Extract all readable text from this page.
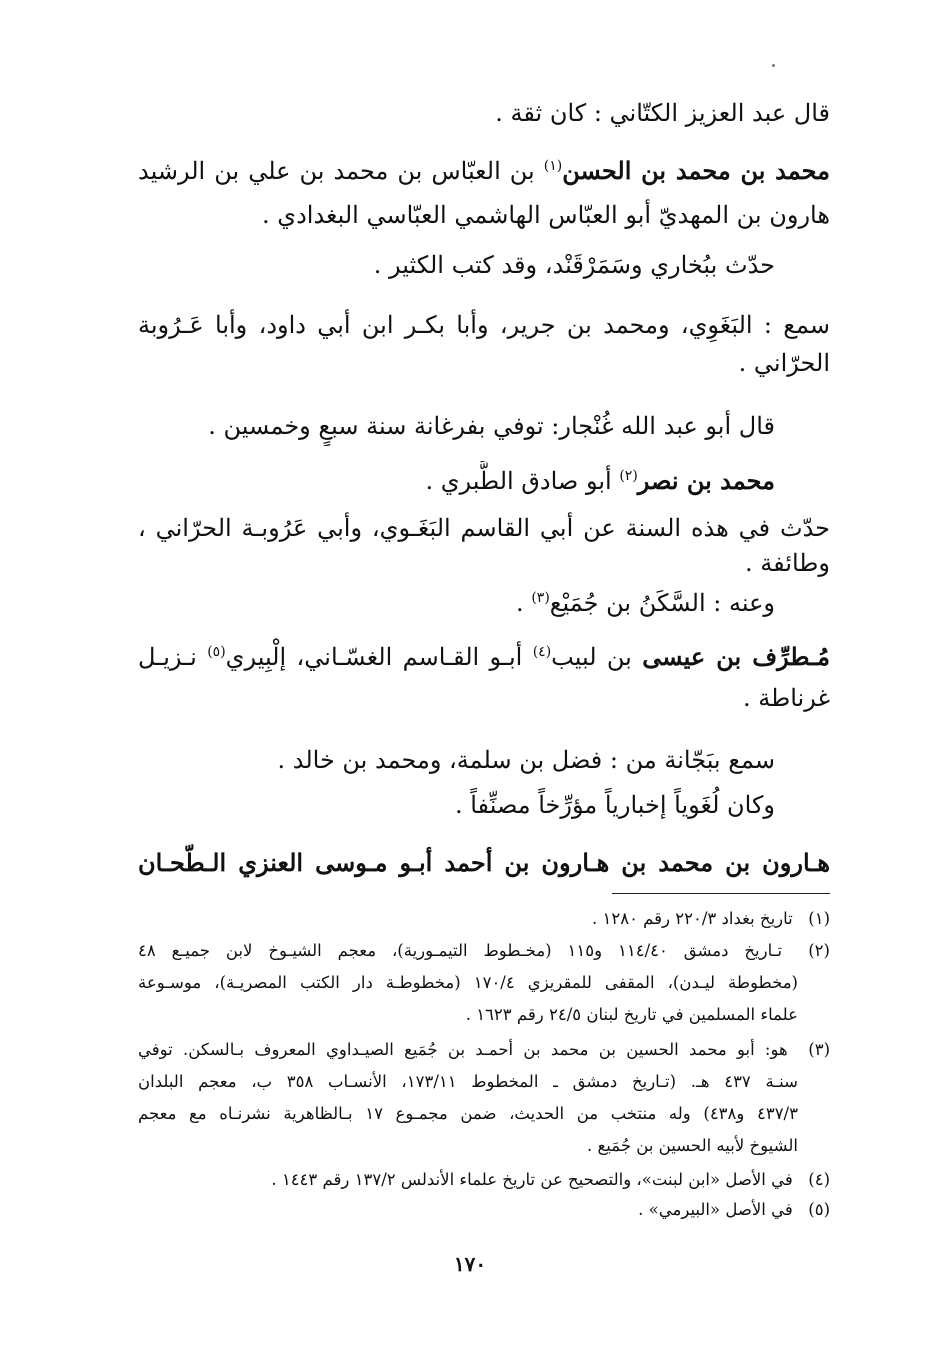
قال عبد العزيز الكتّاني : كان ثقة .
محمد بن محمد بن الحسن$^{(١)}$ بن العبّاس بن محمد بن علي بن الرشيد
هارون بن المهديّ أبو العبّاس الهاشمي العبّاسي البغدادي .
حدّث ببُخاري وسَمَرْقَنْد، وقد كتب الكثير .
سمع : البَغَوِي، ومحمد بن جرير، وأبا بكـر ابن أبي داود، وأبا عَـرُوبة
الحرّاني .
قال أبو عبد الله غُنْجار: توفي بفرغانة سنة سبعٍ وخمسين .
محمد بن نصر$^{(٢)}$ أبو صادق الطَّبري .
حدّث في هذه السنة عن أبي القاسم البَغَـوي، وأبي عَرُوبـة الحرّاني ،
وطائفة .
وعنه : السَّكَنُ بن جُمَيْع$^{(٣)}$ .
مُـطرِّف بن عيسى بن لبيب$^{(٤)}$ أبـو القـاسم الغسّـاني، إلْبِيري$^{(٥)}$ نـزيـل
غرناطة .
سمع ببَجّانة من : فضل بن سلمة، ومحمد بن خالد .
وكان لُغَوياً إخبارياً مؤرِّخاً مصنِّفاً .
هـارون بن محمد بن هـارون بن أحمد أبـو مـوسى العنزي الـطّحـان
(١) تاريخ بغداد ٢٢٠/٣ رقم ١٢٨٠ .
(٢) تـاريخ دمشق ١١٤/٤٠ و١١٥ (مخـطوط التيمـورية)، معجم الشيـوخ لابن جميـع ٤٨
(مخطوطة ليـدن)، المقفى للمقريزي ١٧٠/٤ (مخطوطـة دار الكتب المصريـة)، موسـوعة
علماء المسلمين في تاريخ لبنان ٢٤/٥ رقم ١٦٢٣ .
(٣) هو: أبو محمد الحسين بن محمد بن أحمـد بن جُمَيع الصيـداوي المعروف بـالسكن. توفي
سنـة ٤٣٧ هـ. (تـاريخ دمشق ـ المخطوط ١٧٣/١١، الأنسـاب ٣٥٨ ب، معجم البلدان
٤٣٧/٣ و٤٣٨) وله منتخب من الحديث، ضمن مجمـوع ١٧ بـالظاهرية نشرنـاه مع معجم
الشيوخ لأبيه الحسين بن جُمَيع .
(٤) في الأصل «ابن لبنت»، والتصحيح عن تاريخ علماء الأندلس ١٣٧/٢ رقم ١٤٤٣ .
(٥) في الأصل «البيرمي» .
١٧٠
